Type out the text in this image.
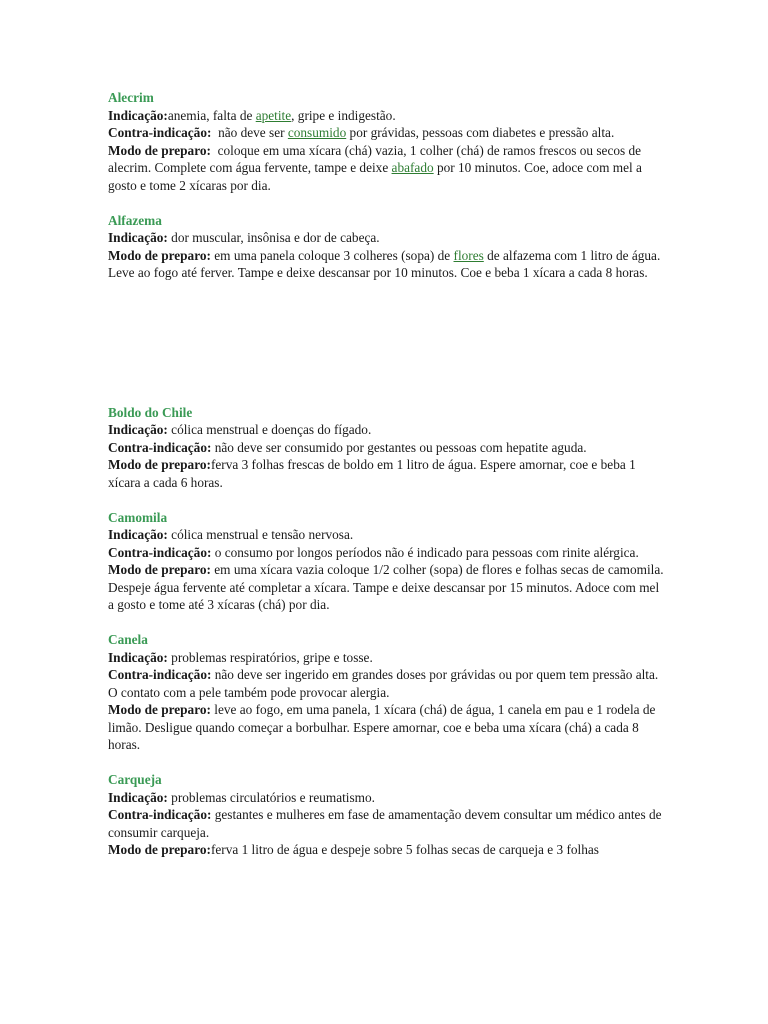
Alecrim

Indicação:anemia, falta de apetite, gripe e indigestão.

Contra-indicação:  não deve ser consumido por grávidas, pessoas com diabetes e pressão alta.

Modo de preparo:  coloque em uma xícara (chá) vazia, 1 colher (chá) de ramos frescos ou secos de alecrim. Complete com água fervente, tampe e deixe abafado por 10 minutos. Coe, adoce com mel a gosto e tome 2 xícaras por dia.

Alfazema

Indicação: dor muscular, insônisa e dor de cabeça.

Modo de preparo: em uma panela coloque 3 colheres (sopa) de flores de alfazema com 1 litro de água. Leve ao fogo até ferver. Tampe e deixe descansar por 10 minutos. Coe e beba 1 xícara a cada 8 horas.

Boldo do Chile

Indicação: cólica menstrual e doenças do fígado.

Contra-indicação: não deve ser consumido por gestantes ou pessoas com hepatite aguda.

Modo de preparo:ferva 3 folhas frescas de boldo em 1 litro de água. Espere amornar, coe e beba 1 xícara a cada 6 horas.

Camomila

Indicação: cólica menstrual e tensão nervosa.

Contra-indicação: o consumo por longos períodos não é indicado para pessoas com rinite alérgica.

Modo de preparo: em uma xícara vazia coloque 1/2 colher (sopa) de flores e folhas secas de camomila. Despeje água fervente até completar a xícara. Tampe e deixe descansar por 15 minutos. Adoce com mel a gosto e tome até 3 xícaras (chá) por dia.

Canela

Indicação: problemas respiratórios, gripe e tosse.

Contra-indicação: não deve ser ingerido em grandes doses por grávidas ou por quem tem pressão alta. O contato com a pele também pode provocar alergia.

Modo de preparo: leve ao fogo, em uma panela, 1 xícara (chá) de água, 1 canela em pau e 1 rodela de limão. Desligue quando começar a borbulhar. Espere amornar, coe e beba uma xícara (chá) a cada 8 horas.

Carqueja

Indicação: problemas circulatórios e reumatismo.

Contra-indicação: gestantes e mulheres em fase de amamentação devem consultar um médico antes de consumir carqueja.

Modo de preparo:ferva 1 litro de água e despeje sobre 5 folhas secas de carqueja e 3 folhas
